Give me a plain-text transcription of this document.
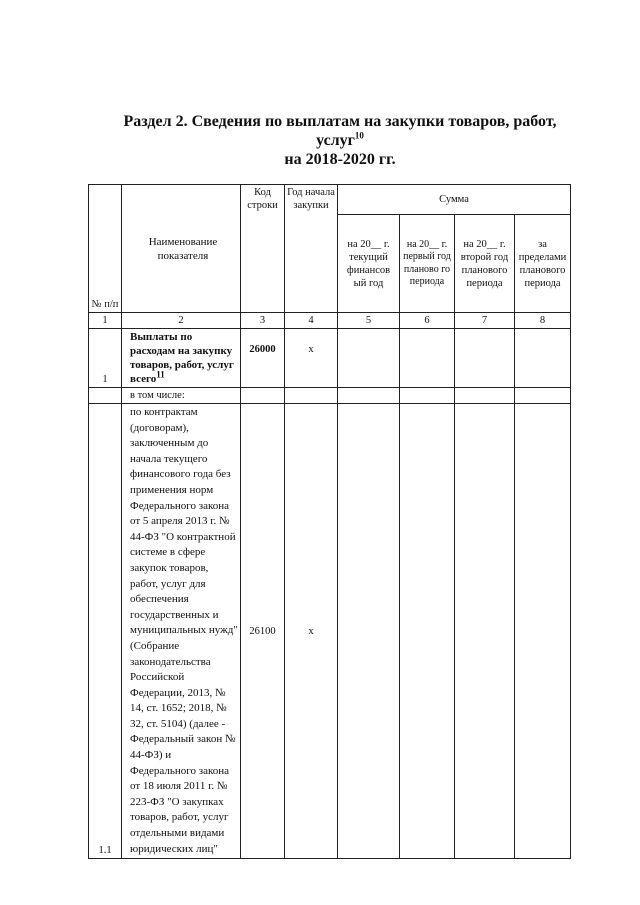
Раздел 2. Сведения по выплатам на закупки товаров, работ,
услуг$^{10}$
на 2018-2020 гг.
№ п/п	Наименование показателя	Код строки	Год начала закупки	Сумма			
				на 20__ г. текущий финансов ый год	на 20__ г. первый год планово го периода	на 20__ г. второй год планового периода	за пределами планового периода
1	2	3	4	5	6	7	8
1	Выплаты по расходам на закупку товаров, работ, услуг всего$^{11}$	26000	x				
	в том числе:						
1.1	по контрактам (договорам), заключенным до начала текущего финансового года без применения норм Федерального закона от 5 апреля 2013 г. № 44-ФЗ "О контрактной системе в сфере закупок товаров, работ, услуг для обеспечения государственных и муниципальных нужд" (Собрание законодательства Российской Федерации, 2013, № 14, ст. 1652; 2018, № 32, ст. 5104) (далее - Федеральный закон № 44-ФЗ) и Федерального закона от 18 июля 2011 г. № 223-ФЗ "О закупках товаров, работ, услуг отдельными видами юридических лиц"	26100	x				
